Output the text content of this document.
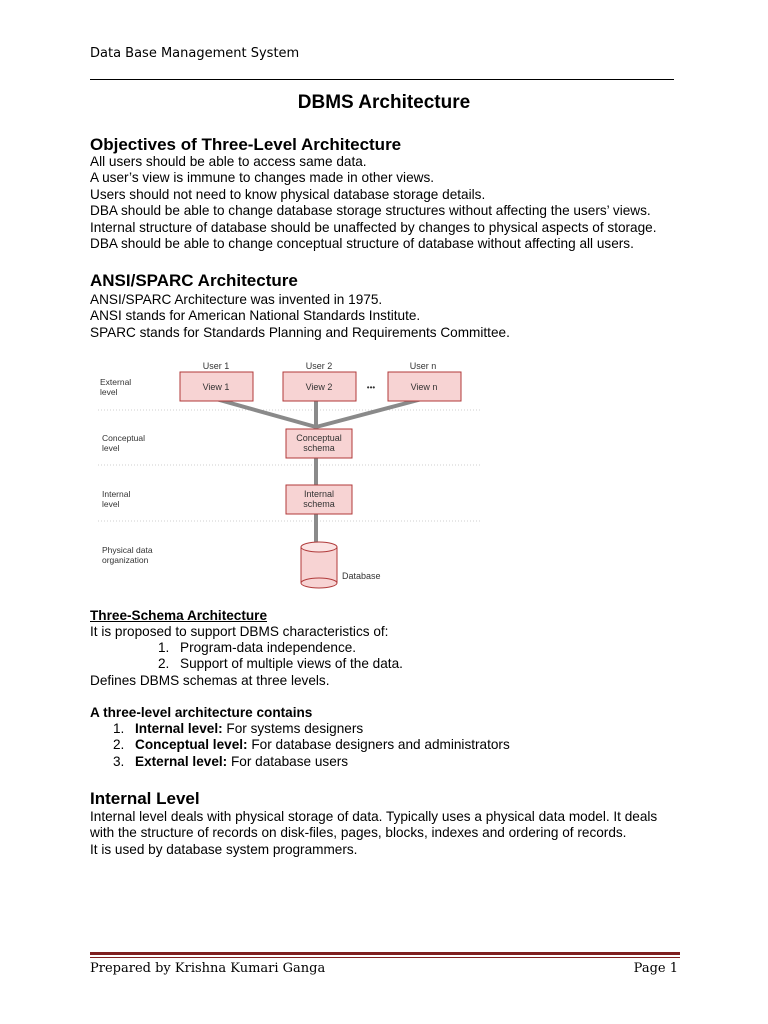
Data Base Management System
DBMS Architecture
Objectives of Three-Level Architecture
All users should be able to access same data.
A user’s view is immune to changes made in other views.
Users should not need to know physical database storage details.
DBA should be able to change database storage structures without affecting the users’ views.
Internal structure of database should be unaffected by changes to physical aspects of storage.
DBA should be able to change conceptual structure of database without affecting all users.
ANSI/SPARC Architecture
ANSI/SPARC Architecture was invented in 1975.
ANSI stands for American National Standards Institute.
SPARC stands for Standards Planning and Requirements Committee.
External
level
Conceptual
level
Internal
level
Physical data
organization
User 1	User 2	User n
View 1	View 2	View n
Conceptual
schema
Internal
schema
•••
Database
Three-Schema Architecture
It is proposed to support DBMS characteristics of:
1. Program-data independence.
2. Support of multiple views of the data.
Defines DBMS schemas at three levels.
A three-level architecture contains
1. Internal level: For systems designers
2. Conceptual level: For database designers and administrators
3. External level: For database users
Internal Level
Internal level deals with physical storage of data. Typically uses a physical data model. It deals
with the structure of records on disk-files, pages, blocks, indexes and ordering of records.
It is used by database system programmers.
Prepared by Krishna Kumari Ganga	Page 1
